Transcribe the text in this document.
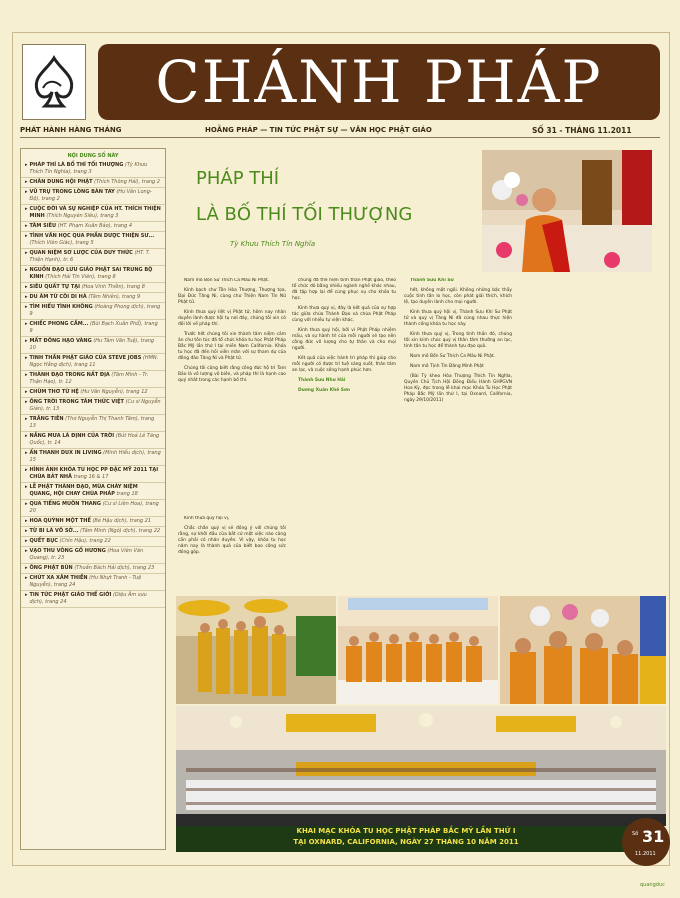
CHÁNH PHÁP
PHÁT HÀNH HÀNG THÁNG	HOẰNG PHÁP — TIN TỨC PHẬT SỰ — VĂN HỌC PHẬT GIÁO	SỐ 31 - THÁNG 11.2011
NỘI DUNG SỐ NÀY
▸ PHÁP THÍ LÀ BỐ THÍ TỐI THƯỢNG (Tỳ Khưu Thích Tín Nghĩa), trang 3
▸ CHÂN DUNG HỘI PHẬT (Thích Thông Hải), trang 2
▸ VŨ TRỤ TRONG LÒNG BÀN TAY (Hư Vân Long-Độ), trang 2
▸ CUỘC ĐỜI VÀ SỰ NGHIỆP CỦA HT. THÍCH THIỆN MINH (Thích Nguyên Siêu), trang 3
▸ TÂM SIÊU (HT. Phạm Xuân Bảo), trang 4
▸ TÌNH VĂN HỌC QUA PHẦN DƯỢC THIỆN SƯ... (Thích Viên Giác), trang 5
▸ QUAN NIỆM SƠ LƯỢC CỦA DUY THỨC (HT. T. Thiện Hạnh), tr. 6
▸ NGUỒN ĐẠO LƯU GIÁO PHẬT SAI TRUNG BỘ KINH (Thích Hải Tín Viên), trang 8
▸ SIÊU QUẤT TỰ TẠI (Hoa Vinh Thiền), trang 8
▸ DU ÂM TỪ CÕI DI HÀ (Tâm Nhiên), trang 9
▸ TÌM HIỂU TÌNH KHÔNG (Hoàng Phong dịch), trang 9
▸ CHIẾC PHONG CẦM... (Bùi Bạch Xuân Phổ), trang 9
▸ MẤT ĐÔNG HẠO VÀNG (Hư Tâm Vân Tuệ), trang 10
▸ TINH THẦN PHẬT GIÁO CỦA STEVE JOBS (HMN. Ngọc Hằng dịch), trang 11
▸ THÀNH ĐẠO TRONG NẤT ĐỊA (Tâm Minh - Tr. Thận Hạo), tr. 12
▸ CHÙM THƠ TỪ HỆ (Hư Vân Nguyễn), trang 12
▸ ÔNG TRỜI TRONG TÂM THỨC VIỆT (Cư sĩ Nguyễn Giản), tr. 13
▸ TRĂNG TIÊN (Thơ Nguyễn Thị Thanh Tâm), trang 13
▸ NẮNG MƯA LÀ ĐỊNH CỦA TRỜI (Bút Hoả Lê Tăng Quốc), tr. 14
▸ ẨN THANH DUX IN LIVING (Minh Hiếu dịch), trang 15
▸ HÌNH ẢNH KHÓA TU HỌC PP ĐẶC MỸ 2011 TẠI CHÙA BẢT NHÃ trang 16 & 17
▸ LỄ PHẬT THÀNH ĐẠO, MÙA CHÁY NIỆM QUANG, HỘI CHAY CHÙA PHÁP trang 18
▸ QUA TIẾNG MUÔN THANG (Cư sĩ Liên Hoa), trang 20
▸ HOA QUỲNH MỘT THẾ (Bé Hậu dịch), trang 21
▸ TỪ BI LÀ VÔ SỞ... (Tâm Minh (Ngô) dịch), trang 22
▸ QUẾT BỤC (Chín Hậu), trang 22
▸ VẠO THU VÒNG GỐ HƯƠNG (Hoa Viên Văn Quang), tr. 23
▸ ÔNG PHẬT BÚN (Thuấn Bách Hải dịch), trang 23
▸ CHÚT XA XĂM THIỀN (Hư Nhựt Tranh - Tuệ Nguyễn), trang 24
▸ TIN TỨC PHẬT GIÁO THẾ GIỚI (Diệu Âm sưu dịch), trang 24
PHÁP THÍ
LÀ BỐ THÍ TỐI THƯỢNG
Tỳ Khưu Thích Tín Nghĩa

Nam mô Bổn Sư Thích Ca Mâu Ni Phật.

Kính bạch chư Tôn Hòa Thượng, Thượng tọa, Đại Đức Tăng Ni, cùng chư Thiện Nam Tín Nữ Phật tử.

Kính thưa quý liệt vị Phật tử, hôm nay nhân duyên lành được hội tụ nơi đây, chúng tôi xin có đôi lời về pháp thí.

Trước hết chúng tôi xin thành tâm niệm cảm ân chư tôn túc đã tổ chức khóa tu học Phật Pháp Bắc Mỹ lần thứ I tại miền Nam California. Khóa tu học đã đến hồi viên mãn với sự tham dự của đông đảo Tăng Ni và Phật tử.

Chúng tôi cũng biết rằng công đức hộ trì Tam Bảo là vô lượng vô biên, và pháp thí là hạnh cao quý nhất trong các hạnh bố thí.

Kính thưa quý hội vị,

Chắc chắn quý vị sẽ đồng ý với chúng tôi rằng, sự khởi đầu của bất cứ một việc nào cũng cần phải có nhân duyên. Vì vậy, khóa tu học năm nay là thành quả của biết bao công sức đóng góp.

chúng đã thể hiện tinh thần Phật giáo, theo tổ chức đó bằng nhiều ngành nghề khác nhau, đã tập hợp lại để cùng phục vụ cho khóa tu học.

Kính thưa quý vị, đây là kết quả của sự hợp tác giữa chùa Thành Đạo và chùa Phật Pháp cùng với nhiều tự viện khác.

Kính thưa quý hội, bởi vì Phật Pháp nhiệm mầu, và sự hành trì của mỗi người sẽ tạo nên công đức vô lượng cho tự thân và cho mọi người.

Kết quả của việc hành trì pháp thí giúp cho mỗi người có được trí tuệ sáng suốt, thân tâm an lạc, và cuộc sống hạnh phúc hơn.

Thành Sưu Như Hải

Dương Xuân Khê Sơn

Thành Sưu Khí Sư

hết, không một ngôi. Không những bậc thầy cuộc tinh tấn lo học, còn phát giải thích, khích lệ, tạo duyên lành cho mọi người.

Kính thưa quý hội vị, Thành Sưu Khí Sư Phật tử và quý vị Tăng Ni đã cùng nhau thực hiện thành công khóa tu học này.

Kính thưa quý vị, Trong tinh thần đó, chúng tôi xin kính chúc quý vị thân tâm thường an lạc, tinh tấn tu học để thành tựu đạo quả.

Nam mô Bổn Sư Thích Ca Mâu Ni Phật.

Nam mô Tịnh Tín Đăng Minh Phật

(Bài Tỳ kheo Hòa Thượng Thích Tín Nghĩa, Quyền Chủ Tịch Hội Đồng Điều Hành GHPGVN Hoa Kỳ, đọc trong lễ khai mạc Khóa Tu Học Phật Pháp Bắc Mỹ lần thứ I, tại Oxnard, California, ngày 29/10/2011)

KHAI MẠC KHÓA TU HỌC PHẬT PHÁP BẮC MỸ LẦN THỨ I
TẠI OXNARD, CALIFORNIA, NGÀY 27 THÁNG 10 NĂM 2011
Số 31
11.2011
quangduc
